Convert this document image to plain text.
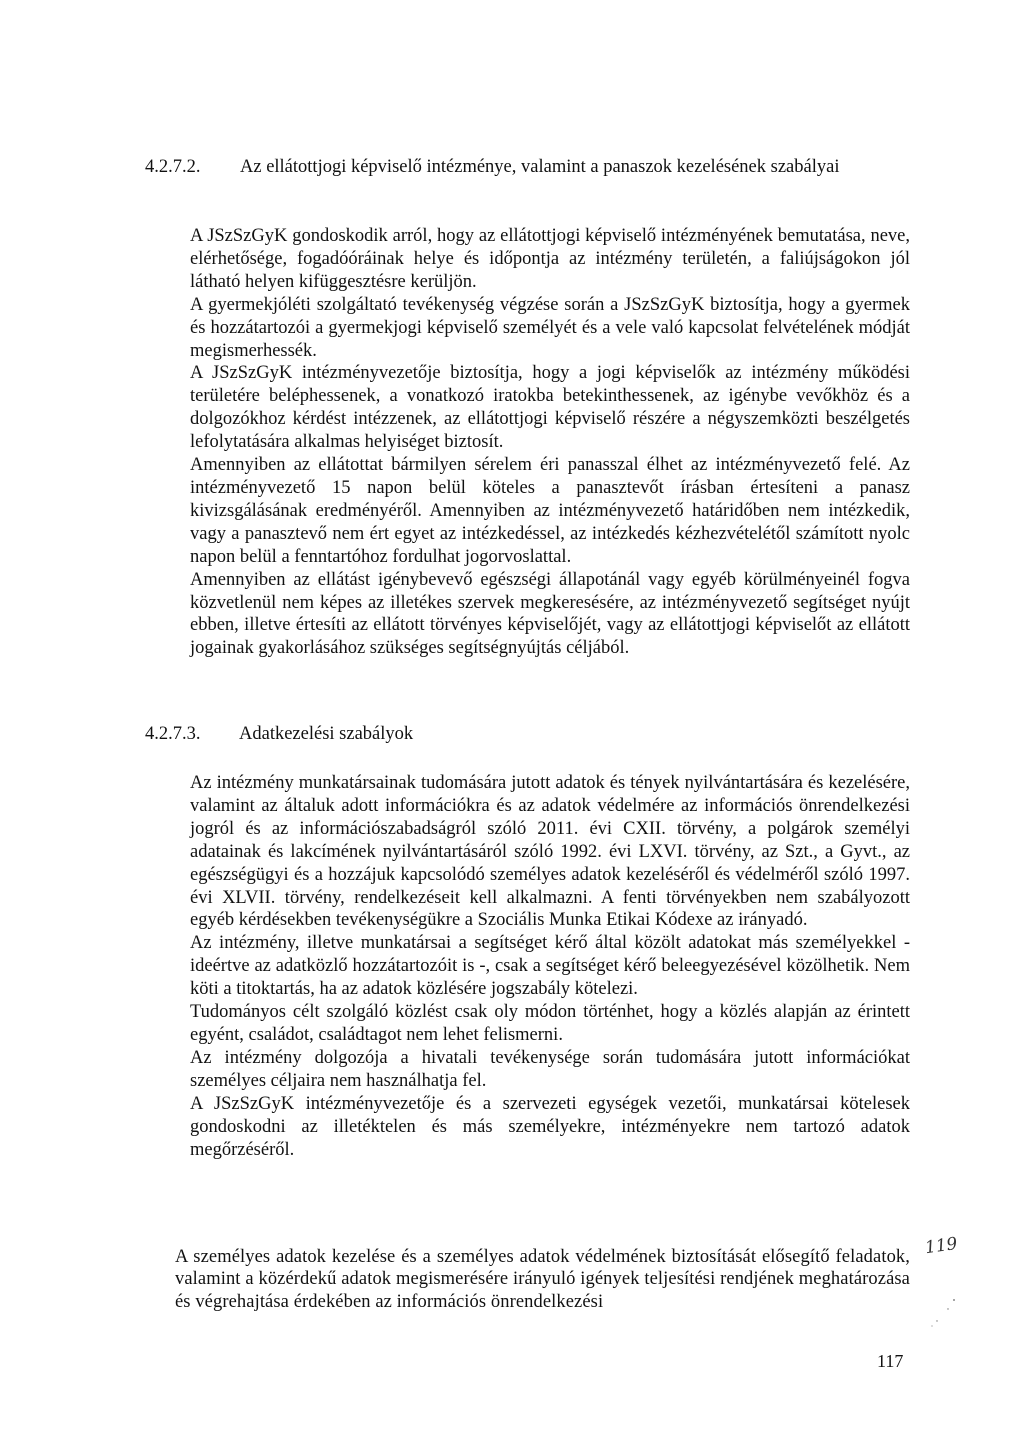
4.2.7.2.	Az ellátottjogi képviselő intézménye, valamint a panaszok kezelésének szabályai

A JSzSzGyK gondoskodik arról, hogy az ellátottjogi képviselő intézményének bemutatása, neve, elérhetősége, fogadóóráinak helye és időpontja az intézmény területén, a faliújságokon jól látható helyen kifüggesztésre kerüljön.

A gyermekjóléti szolgáltató tevékenység végzése során a JSzSzGyK biztosítja, hogy a gyermek és hozzátartozói a gyermekjogi képviselő személyét és a vele való kapcsolat felvételének módját megismerhessék.

A JSzSzGyK intézményvezetője biztosítja, hogy a jogi képviselők az intézmény működési területére beléphessenek, a vonatkozó iratokba betekinthessenek, az igénybe vevőkhöz és a dolgozókhoz kérdést intézzenek, az ellátottjogi képviselő részére a négyszemközti beszélgetés lefolytatására alkalmas helyiséget biztosít.

Amennyiben az ellátottat bármilyen sérelem éri panasszal élhet az intézményvezető felé. Az intézményvezető 15 napon belül köteles a panasztevőt írásban értesíteni a panasz kivizsgálásának eredményéről. Amennyiben az intézményvezető határidőben nem intézkedik, vagy a panasztevő nem ért egyet az intézkedéssel, az intézkedés kézhezvételétől számított nyolc napon belül a fenntartóhoz fordulhat jogorvoslattal.

Amennyiben az ellátást igénybevevő egészségi állapotánál vagy egyéb körülményeinél fogva közvetlenül nem képes az illetékes szervek megkeresésére, az intézményvezető segítséget nyújt ebben, illetve értesíti az ellátott törvényes képviselőjét, vagy az ellátottjogi képviselőt az ellátott jogainak gyakorlásához szükséges segítségnyújtás céljából.

4.2.7.3.	Adatkezelési szabályok

Az intézmény munkatársainak tudomására jutott adatok és tények nyilvántartására és kezelésére, valamint az általuk adott információkra és az adatok védelmére az információs önrendelkezési jogról és az információszabadságról szóló 2011. évi CXII. törvény, a polgárok személyi adatainak és lakcímének nyilvántartásáról szóló 1992. évi LXVI. törvény, az Szt., a Gyvt., az egészségügyi és a hozzájuk kapcsolódó személyes adatok kezeléséről és védelméről szóló 1997. évi XLVII. törvény, rendelkezéseit kell alkalmazni. A fenti törvényekben nem szabályozott egyéb kérdésekben tevékenységükre a Szociális Munka Etikai Kódexe az irányadó.

Az intézmény, illetve munkatársai a segítséget kérő által közölt adatokat más személyekkel - ideértve az adatközlő hozzátartozóit is -, csak a segítséget kérő beleegyezésével közölhetik. Nem köti a titoktartás, ha az adatok közlésére jogszabály kötelezi.

Tudományos célt szolgáló közlést csak oly módon történhet, hogy a közlés alapján az érintett egyént, családot, családtagot nem lehet felismerni.

Az intézmény dolgozója a hivatali tevékenysége során tudomására jutott információkat személyes céljaira nem használhatja fel.

A JSzSzGyK intézményvezetője és a szervezeti egységek vezetői, munkatársai kötelesek gondoskodni az illetéktelen és más személyekre, intézményekre nem tartozó adatok megőrzéséről.

A személyes adatok kezelése és a személyes adatok védelmének biztosítását elősegítő feladatok, valamint a közérdekű adatok megismerésére irányuló igények teljesítési rendjének meghatározása és végrehajtása érdekében az információs önrendelkezési

119
117
